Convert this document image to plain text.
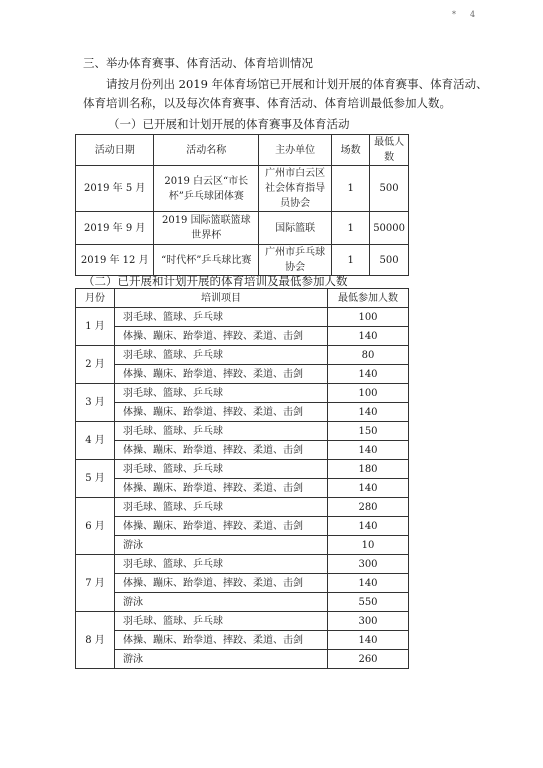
* 4
三、举办体育赛事、体育活动、体育培训情况
请按月份列出 2019 年体育场馆已开展和计划开展的体育赛事、体育活动、
体育培训名称，以及每次体育赛事、体育活动、体育培训最低参加人数。
（一）已开展和计划开展的体育赛事及体育活动
活动日期	活动名称	主办单位	场数	最低人数
2019 年 5 月	2019 白云区“市长杯”乒乓球团体赛	广州市白云区社会体育指导员协会	1	500
2019 年 9 月	2019 国际篮联篮球世界杯	国际篮联	1	50000
2019 年 12 月	“时代杯”乒乓球比赛	广州市乒乓球协会	1	500
（二）已开展和计划开展的体育培训及最低参加人数
月份	培训项目	最低参加人数
1 月	羽毛球、篮球、乒乓球	100
	体操、蹦床、跆拳道、摔跤、柔道、击剑	140
2 月	羽毛球、篮球、乒乓球	80
	体操、蹦床、跆拳道、摔跤、柔道、击剑	140
3 月	羽毛球、篮球、乒乓球	100
	体操、蹦床、跆拳道、摔跤、柔道、击剑	140
4 月	羽毛球、篮球、乒乓球	150
	体操、蹦床、跆拳道、摔跤、柔道、击剑	140
5 月	羽毛球、篮球、乒乓球	180
	体操、蹦床、跆拳道、摔跤、柔道、击剑	140
6 月	羽毛球、篮球、乒乓球	280
	体操、蹦床、跆拳道、摔跤、柔道、击剑	140
	游泳	10
7 月	羽毛球、篮球、乒乓球	300
	体操、蹦床、跆拳道、摔跤、柔道、击剑	140
	游泳	550
8 月	羽毛球、篮球、乒乓球	300
	体操、蹦床、跆拳道、摔跤、柔道、击剑	140
	游泳	260
